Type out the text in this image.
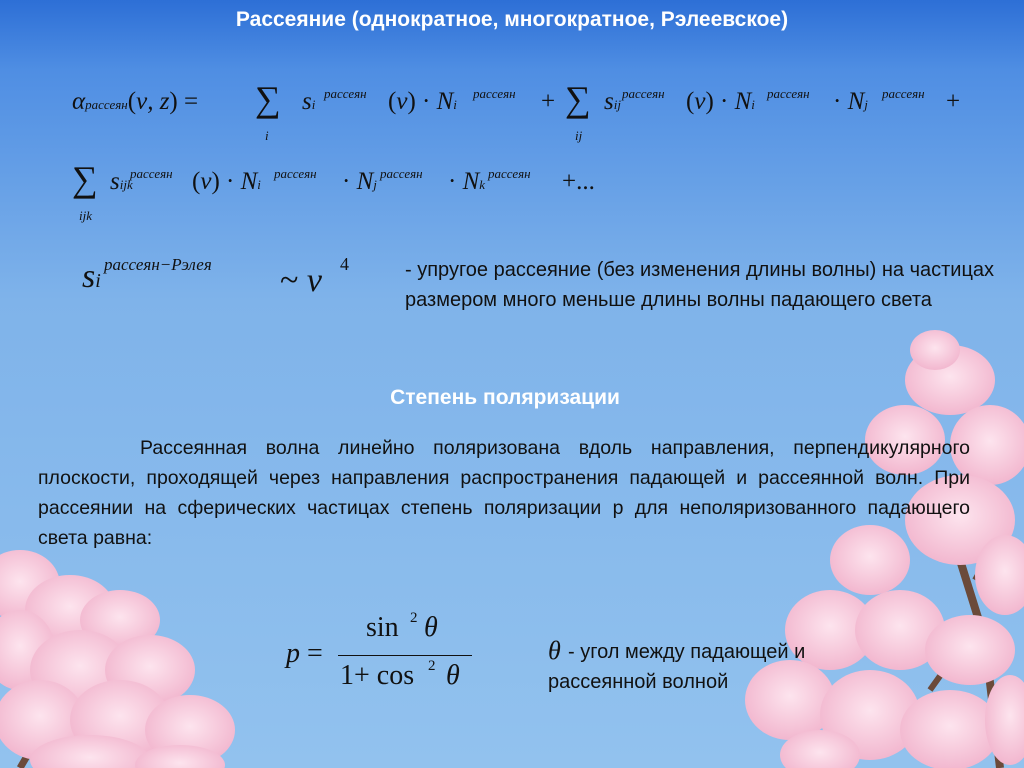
Рассеяние (однократное, многократное, Рэлеевское)
αрассеян(ν, z) = ∑
i
si
рассеян (ν) · Ni
рассеян + ∑
ij
sij
рассеян (ν) · Ni
рассеян · Nj
рассеян +
∑
ijk
sijk
рассеян (ν) · Ni
рассеян · Nj
рассеян · Nk
рассеян +...
si
рассеян−Рэлея ~ ν 4	- упругое рассеяние (без изменения длины волны) на частицах размером много меньше длины волны падающего света
Степень поляризации
Рассеянная волна линейно поляризована вдоль направления, перпендикулярного плоскости, проходящей через направления распространения падающей и рассеянной волн. При рассеянии на сферических частицах степень поляризации p для неполяризованного падающего света равна:
p =
sin 2 θ
1+ cos 2 θ
θ - угол между падающей и рассеянной волной
